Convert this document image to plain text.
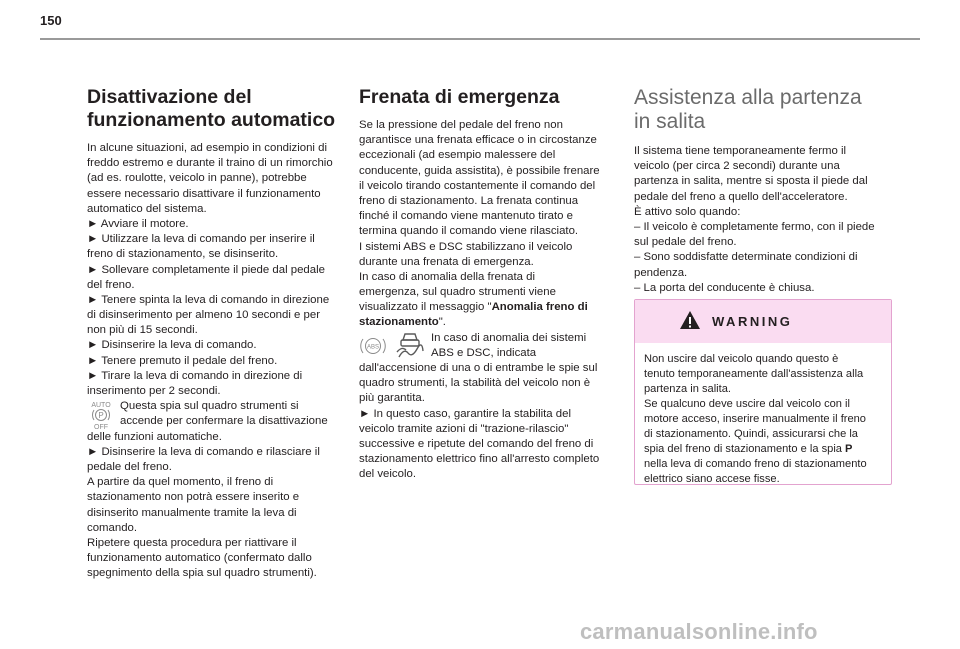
150
Disattivazione del
funzionamento automatico
In alcune situazioni, ad esempio in condizioni di
freddo estremo e durante il traino di un rimorchio
(ad es. roulotte, veicolo in panne), potrebbe
essere necessario disattivare il funzionamento
automatico del sistema.
► Avviare il motore.
► Utilizzare la leva di comando per inserire il
freno di stazionamento, se disinserito.
► Sollevare completamente il piede dal pedale
del freno.
► Tenere spinta la leva di comando in direzione
di disinserimento per almeno 10 secondi e per
non più di 15 secondi.
► Disinserire la leva di comando.
► Tenere premuto il pedale del freno.
► Tirare la leva di comando in direzione di
inserimento per 2 secondi.
AUTO
P
OFF
Questa spia sul quadro strumenti si
accende per confermare la disattivazione
delle funzioni automatiche.
► Disinserire la leva di comando e rilasciare il
pedale del freno.
A partire da quel momento, il freno di
stazionamento non potrà essere inserito e
disinserito manualmente tramite la leva di
comando.
Ripetere questa procedura per riattivare il
funzionamento automatico (confermato dallo
spegnimento della spia sul quadro strumenti).
Frenata di emergenza
Se la pressione del pedale del freno non
garantisce una frenata efficace o in circostanze
eccezionali (ad esempio malessere del
conducente, guida assistita), è possibile frenare
il veicolo tirando costantemente il comando del
freno di stazionamento. La frenata continua
finché il comando viene mantenuto tirato e
termina quando il comando viene rilasciato.
I sistemi ABS e DSC stabilizzano il veicolo
durante una frenata di emergenza.
In caso di anomalia della frenata di
emergenza, sul quadro strumenti viene
visualizzato il messaggio "Anomalia freno di
stazionamento".
ABS
In caso di anomalia dei sistemi
ABS e DSC, indicata
dall'accensione di una o di entrambe le spie sul
quadro strumenti, la stabilità del veicolo non è
più garantita.
► In questo caso, garantire la stabilita del
veicolo tramite azioni di "trazione-rilascio"
successive e ripetute del comando del freno di
stazionamento elettrico fino all'arresto completo
del veicolo.
Assistenza alla partenza
in salita
Il sistema tiene temporaneamente fermo il
veicolo (per circa 2 secondi) durante una
partenza in salita, mentre si sposta il piede dal
pedale del freno a quello dell'acceleratore.
È attivo solo quando:
– Il veicolo è completamente fermo, con il piede
sul pedale del freno.
– Sono soddisfatte determinate condizioni di
pendenza.
– La porta del conducente è chiusa.
WARNING
Non uscire dal veicolo quando questo è
tenuto temporaneamente dall'assistenza alla
partenza in salita.
Se qualcuno deve uscire dal veicolo con il
motore acceso, inserire manualmente il freno
di stazionamento. Quindi, assicurarsi che la
spia del freno di stazionamento e la spia P
nella leva di comando freno di stazionamento
elettrico siano accese fisse.
carmanualsonline.info
